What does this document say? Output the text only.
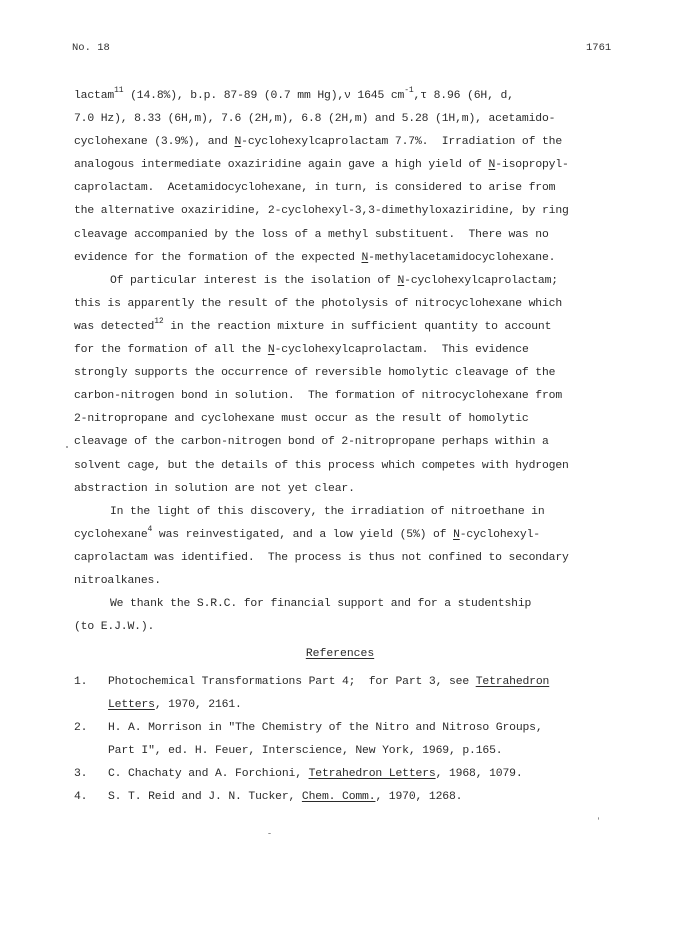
No. 18	1761
lactam$^{11}$ (14.8%), b.p. 87-89 (0.7 mm Hg),ν 1645 $cm^{-1},\tau$ 8.96 (6H, d,
7.0 Hz), 8.33 (6H,m), 7.6 (2H,m), 6.8 (2H,m) and 5.28 (1H,m), acetamido-
cyclohexane (3.9%), and N-cyclohexylcaprolactam 7.7%.  Irradiation of the
analogous intermediate oxaziridine again gave a high yield of N-isopropyl-
caprolactam.  Acetamidocyclohexane, in turn, is considered to arise from
the alternative oxaziridine, 2-cyclohexyl-3,3-dimethyloxaziridine, by ring
cleavage accompanied by the loss of a methyl substituent.  There was no
evidence for the formation of the expected N-methylacetamidocyclohexane.
Of particular interest is the isolation of N-cyclohexylcaprolactam;
this is apparently the result of the photolysis of nitrocyclohexane which
was detected$^{12}$ in the reaction mixture in sufficient quantity to account
for the formation of all the N-cyclohexylcaprolactam.  This evidence
strongly supports the occurrence of reversible homolytic cleavage of the
carbon-nitrogen bond in solution.  The formation of nitrocyclohexane from
2-nitropropane and cyclohexane must occur as the result of homolytic
cleavage of the carbon-nitrogen bond of 2-nitropropane perhaps within a
solvent cage, but the details of this process which competes with hydrogen
abstraction in solution are not yet clear.
In the light of this discovery, the irradiation of nitroethane in
cyclohexane$^4$ was reinvestigated, and a low yield (5%) of N-cyclohexyl-
caprolactam was identified.  The process is thus not confined to secondary
nitroalkanes.
We thank the S.R.C. for financial support and for a studentship
(to E.J.W.).
References
1. Photochemical Transformations Part 4;  for Part 3, see Tetrahedron
Letters, 1970, 2161.
2. H. A. Morrison in "The Chemistry of the Nitro and Nitroso Groups,
Part I", ed. H. Feuer, Interscience, New York, 1969, p.165.
3. C. Chachaty and A. Forchioni, Tetrahedron Letters, 1968, 1079.
4. S. T. Reid and J. N. Tucker, Chem. Comm., 1970, 1268.
